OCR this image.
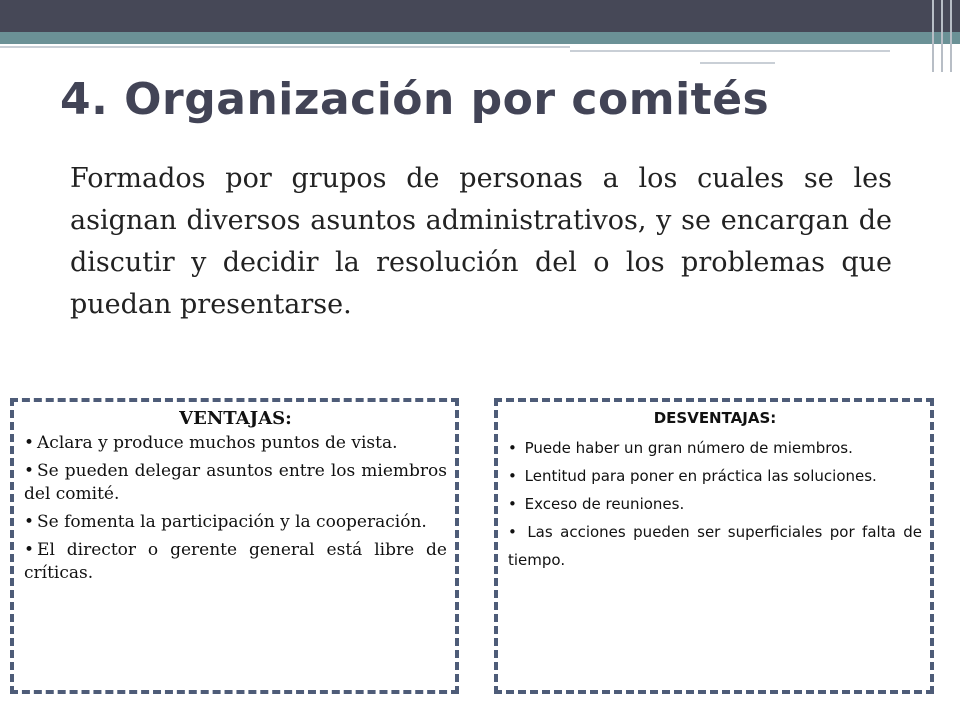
4. Organización por comités

Formados por grupos de personas a los cuales se les asignan diversos asuntos administrativos, y se encargan de discutir y decidir la resolución del o los problemas que puedan presentarse.

VENTAJAS:
• Aclara y produce muchos puntos de vista.
• Se pueden delegar asuntos entre los miembros del comité.
• Se fomenta la participación y la cooperación.
• El director o gerente general está libre de críticas.
DESVENTAJAS:
• Puede haber un gran número de miembros.
• Lentitud para poner en práctica las soluciones.
• Exceso de reuniones.
• Las acciones pueden ser superficiales por falta de tiempo.
